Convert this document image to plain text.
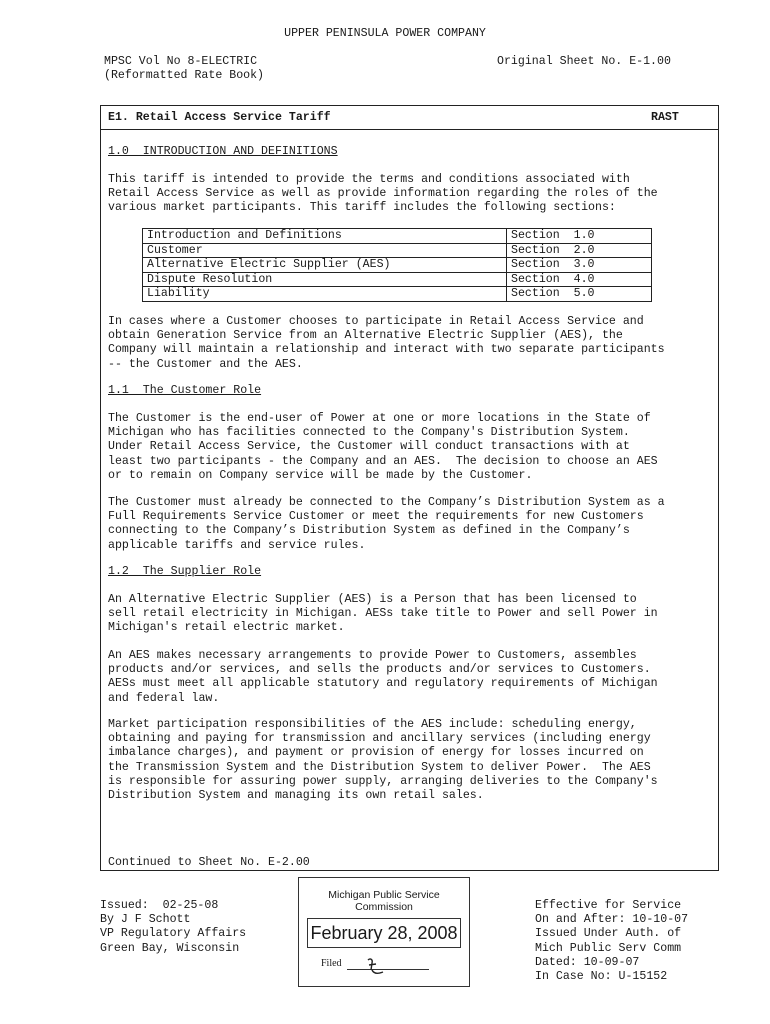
UPPER PENINSULA POWER COMPANY
MPSC Vol No 8-ELECTRIC
(Reformatted Rate Book)
Original Sheet No. E-1.00
E1. Retail Access Service Tariff	RAST
1.0  INTRODUCTION AND DEFINITIONS
This tariff is intended to provide the terms and conditions associated with
Retail Access Service as well as provide information regarding the roles of the
various market participants. This tariff includes the following sections:
Introduction and Definitions	Section  1.0
Customer	Section  2.0
Alternative Electric Supplier (AES)	Section  3.0
Dispute Resolution	Section  4.0
Liability	Section  5.0
In cases where a Customer chooses to participate in Retail Access Service and
obtain Generation Service from an Alternative Electric Supplier (AES), the
Company will maintain a relationship and interact with two separate participants
-- the Customer and the AES.
1.1  The Customer Role
The Customer is the end-user of Power at one or more locations in the State of
Michigan who has facilities connected to the Company's Distribution System.
Under Retail Access Service, the Customer will conduct transactions with at
least two participants - the Company and an AES.  The decision to choose an AES
or to remain on Company service will be made by the Customer.
The Customer must already be connected to the Company’s Distribution System as a
Full Requirements Service Customer or meet the requirements for new Customers
connecting to the Company’s Distribution System as defined in the Company’s
applicable tariffs and service rules.
1.2  The Supplier Role
An Alternative Electric Supplier (AES) is a Person that has been licensed to
sell retail electricity in Michigan. AESs take title to Power and sell Power in
Michigan's retail electric market.
An AES makes necessary arrangements to provide Power to Customers, assembles
products and/or services, and sells the products and/or services to Customers.
AESs must meet all applicable statutory and regulatory requirements of Michigan
and federal law.
Market participation responsibilities of the AES include: scheduling energy,
obtaining and paying for transmission and ancillary services (including energy
imbalance charges), and payment or provision of energy for losses incurred on
the Transmission System and the Distribution System to deliver Power.  The AES
is responsible for assuring power supply, arranging deliveries to the Company's
Distribution System and managing its own retail sales.
Continued to Sheet No. E-2.00
Issued:  02-25-08
By J F Schott
VP Regulatory Affairs
Green Bay, Wisconsin
Michigan Public Service
Commission
February 28, 2008
Filed
Effective for Service
On and After: 10-10-07
Issued Under Auth. of
Mich Public Serv Comm
Dated: 10-09-07
In Case No: U-15152
